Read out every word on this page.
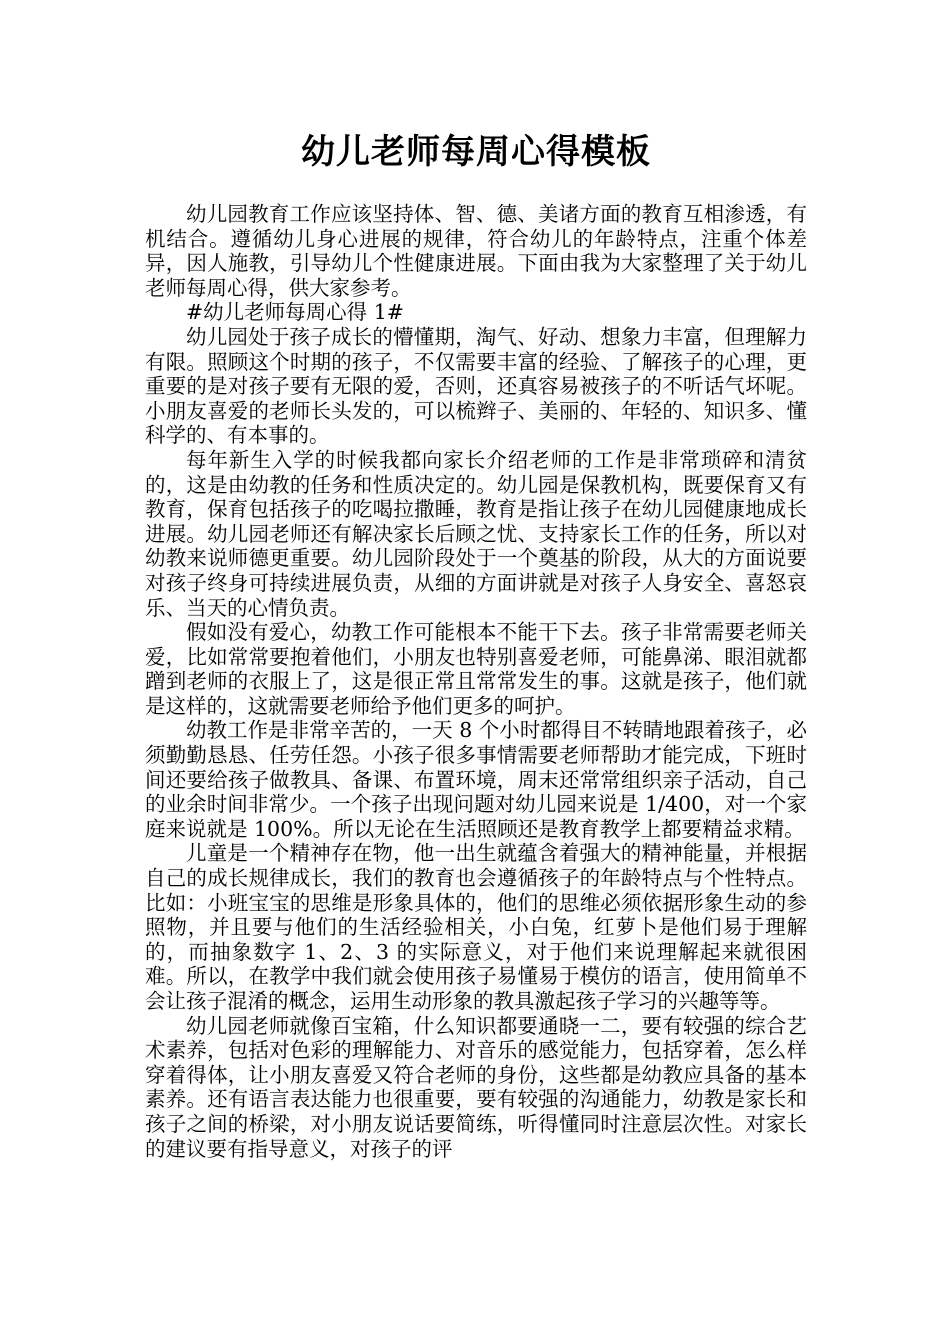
幼儿老师每周心得模板

幼儿园教育工作应该坚持体、智、德、美诸方面的教育互相渗透，有机结合。遵循幼儿身心进展的规律，符合幼儿的年龄特点，注重个体差异，因人施教，引导幼儿个性健康进展。下面由我为大家整理了关于幼儿老师每周心得，供大家参考。

#幼儿老师每周心得 1#

幼儿园处于孩子成长的懵懂期，淘气、好动、想象力丰富，但理解力有限。照顾这个时期的孩子，不仅需要丰富的经验、了解孩子的心理，更重要的是对孩子要有无限的爱，否则，还真容易被孩子的不听话气坏呢。小朋友喜爱的老师长头发的，可以梳辫子、美丽的、年轻的、知识多、懂科学的、有本事的。

每年新生入学的时候我都向家长介绍老师的工作是非常琐碎和清贫的，这是由幼教的任务和性质决定的。幼儿园是保教机构，既要保育又有教育，保育包括孩子的吃喝拉撒睡，教育是指让孩子在幼儿园健康地成长进展。幼儿园老师还有解决家长后顾之忧、支持家长工作的任务，所以对幼教来说师德更重要。幼儿园阶段处于一个奠基的阶段，从大的方面说要对孩子终身可持续进展负责，从细的方面讲就是对孩子人身安全、喜怒哀乐、当天的心情负责。

假如没有爱心，幼教工作可能根本不能干下去。孩子非常需要老师关爱，比如常常要抱着他们，小朋友也特别喜爱老师，可能鼻涕、眼泪就都蹭到老师的衣服上了，这是很正常且常常发生的事。这就是孩子，他们就是这样的，这就需要老师给予他们更多的呵护。

幼教工作是非常辛苦的，一天 8 个小时都得目不转睛地跟着孩子，必须勤勤恳恳、任劳任怨。小孩子很多事情需要老师帮助才能完成，下班时间还要给孩子做教具、备课、布置环境，周末还常常组织亲子活动，自己的业余时间非常少。一个孩子出现问题对幼儿园来说是 1/400，对一个家庭来说就是 100%。所以无论在生活照顾还是教育教学上都要精益求精。

儿童是一个精神存在物，他一出生就蕴含着强大的精神能量，并根据自己的成长规律成长，我们的教育也会遵循孩子的年龄特点与个性特点。比如：小班宝宝的思维是形象具体的，他们的思维必须依据形象生动的参照物，并且要与他们的生活经验相关，小白兔，红萝卜是他们易于理解的，而抽象数字 1、2、3 的实际意义，对于他们来说理解起来就很困难。所以，在教学中我们就会使用孩子易懂易于模仿的语言，使用简单不会让孩子混淆的概念，运用生动形象的教具激起孩子学习的兴趣等等。

幼儿园老师就像百宝箱，什么知识都要通晓一二，要有较强的综合艺术素养，包括对色彩的理解能力、对音乐的感觉能力，包括穿着，怎么样穿着得体，让小朋友喜爱又符合老师的身份，这些都是幼教应具备的基本素养。还有语言表达能力也很重要，要有较强的沟通能力，幼教是家长和孩子之间的桥梁，对小朋友说话要简练，听得懂同时注意层次性。对家长的建议要有指导意义，对孩子的评
